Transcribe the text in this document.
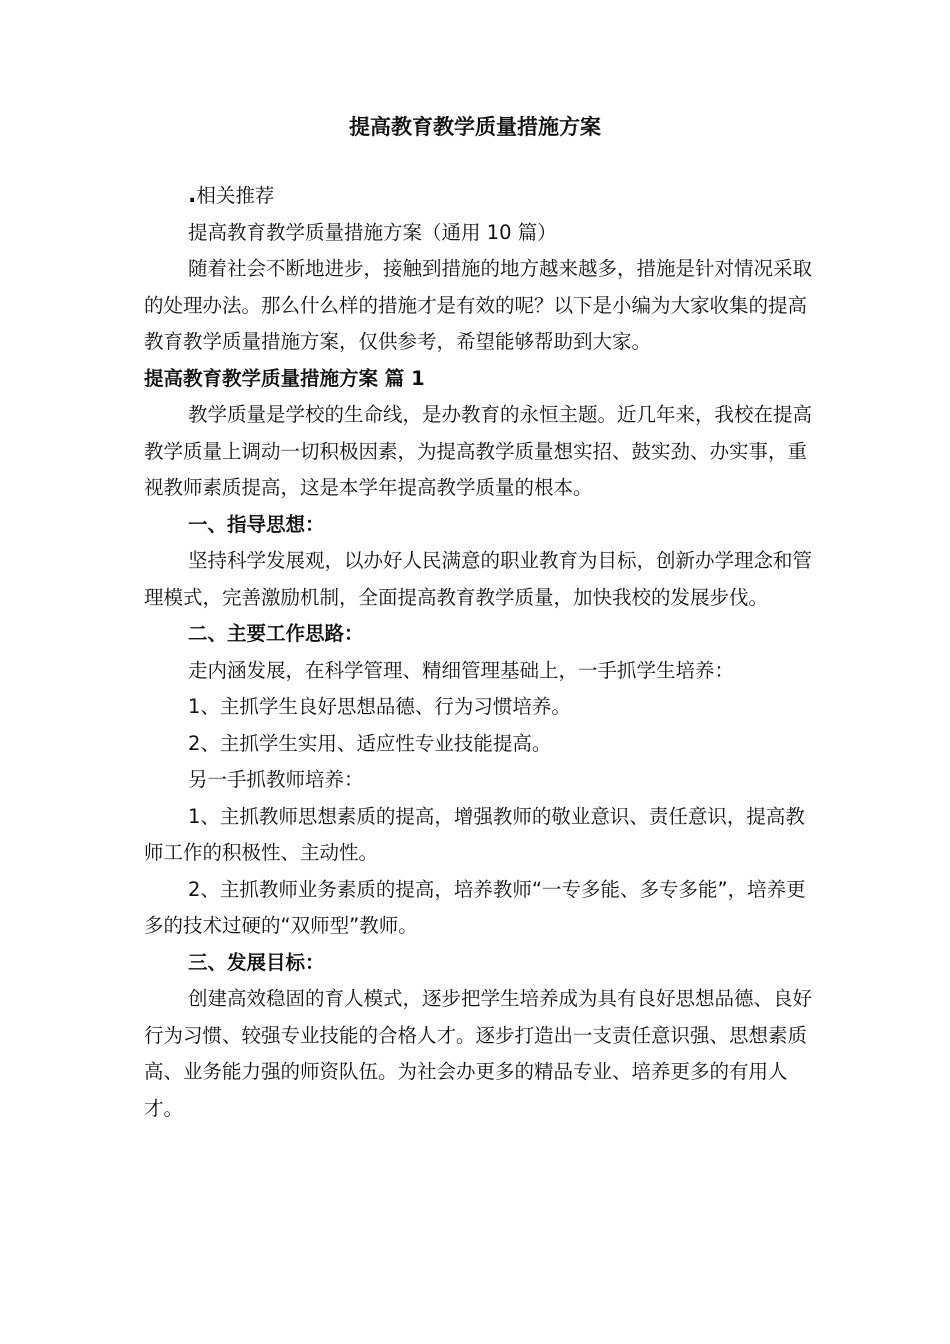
提高教育教学质量措施方案

.相关推荐

提高教育教学质量措施方案（通用 10 篇）

随着社会不断地进步，接触到措施的地方越来越多，措施是针对情况采取的处理办法。那么什么样的措施才是有效的呢？以下是小编为大家收集的提高教育教学质量措施方案，仅供参考，希望能够帮助到大家。

提高教育教学质量措施方案 篇 1

教学质量是学校的生命线，是办教育的永恒主题。近几年来，我校在提高教学质量上调动一切积极因素，为提高教学质量想实招、鼓实劲、办实事，重视教师素质提高，这是本学年提高教学质量的根本。

一、指导思想：

坚持科学发展观，以办好人民满意的职业教育为目标，创新办学理念和管理模式，完善激励机制，全面提高教育教学质量，加快我校的发展步伐。

二、主要工作思路：

走内涵发展，在科学管理、精细管理基础上，一手抓学生培养：

1、主抓学生良好思想品德、行为习惯培养。

2、主抓学生实用、适应性专业技能提高。

另一手抓教师培养：

1、主抓教师思想素质的提高，增强教师的敬业意识、责任意识，提高教师工作的积极性、主动性。

2、主抓教师业务素质的提高，培养教师“一专多能、多专多能”，培养更多的技术过硬的“双师型”教师。

三、发展目标：

创建高效稳固的育人模式，逐步把学生培养成为具有良好思想品德、良好行为习惯、较强专业技能的合格人才。逐步打造出一支责任意识强、思想素质高、业务能力强的师资队伍。为社会办更多的精品专业、培养更多的有用人才。
